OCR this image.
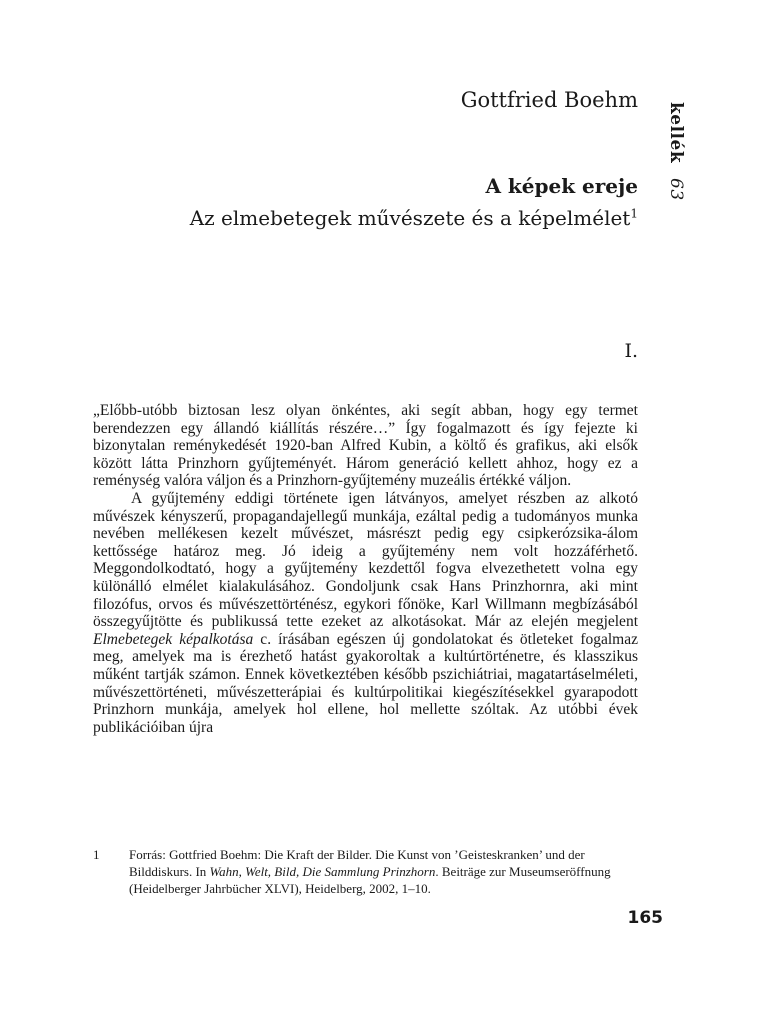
Gottfried Boehm
kellék 63
A képek ereje
Az elmebetegek művészete és a képelmélet$^1$
I.

„Előbb-utóbb biztosan lesz olyan önkéntes, aki segít abban, hogy egy termet berendezzen egy állandó kiállítás részére…” Így fogalmazott és így fejezte ki bizonytalan reménykedését 1920-ban Alfred Kubin, a költő és grafikus, aki elsők között látta Prinzhorn gyűjteményét. Három generáció kellett ahhoz, hogy ez a reménység valóra váljon és a Prinzhorn-gyűjtemény muzeális értékké váljon.

A gyűjtemény eddigi története igen látványos, amelyet részben az alkotó művészek kényszerű, propagandajellegű munkája, ezáltal pedig a tudományos munka nevében mellékesen kezelt művészet, másrészt pedig egy csipkerózsika-álom kettőssége határoz meg. Jó ideig a gyűjtemény nem volt hozzáférhető. Meggondolkodtató, hogy a gyűjtemény kezdettől fogva elvezethetett volna egy különálló elmélet kialakulásához. Gondoljunk csak Hans Prinzhornra, aki mint filozófus, orvos és művészettörténész, egykori főnöke, Karl Willmann megbízásából összegyűjtötte és publikussá tette ezeket az alkotásokat. Már az elején megjelent Elmebetegek képalkotása c. írásában egészen új gondolatokat és ötleteket fogalmaz meg, amelyek ma is érezhető hatást gyakoroltak a kultúrtörténetre, és klasszikus műként tartják számon. Ennek következtében később pszichiátriai, magatartáselméleti, művészettörténeti, művészetterápiai és kultúrpolitikai kiegészítésekkel gyarapodott Prinzhorn munkája, amelyek hol ellene, hol mellette szóltak. Az utóbbi évek publikációiban újra

1	Forrás: Gottfried Boehm: Die Kraft der Bilder. Die Kunst von ’Geisteskranken’ und der Bilddiskurs. In Wahn, Welt, Bild, Die Sammlung Prinzhorn. Beiträge zur Museumseröffnung (Heidelberger Jahrbücher XLVI), Heidelberg, 2002, 1–10.
165
